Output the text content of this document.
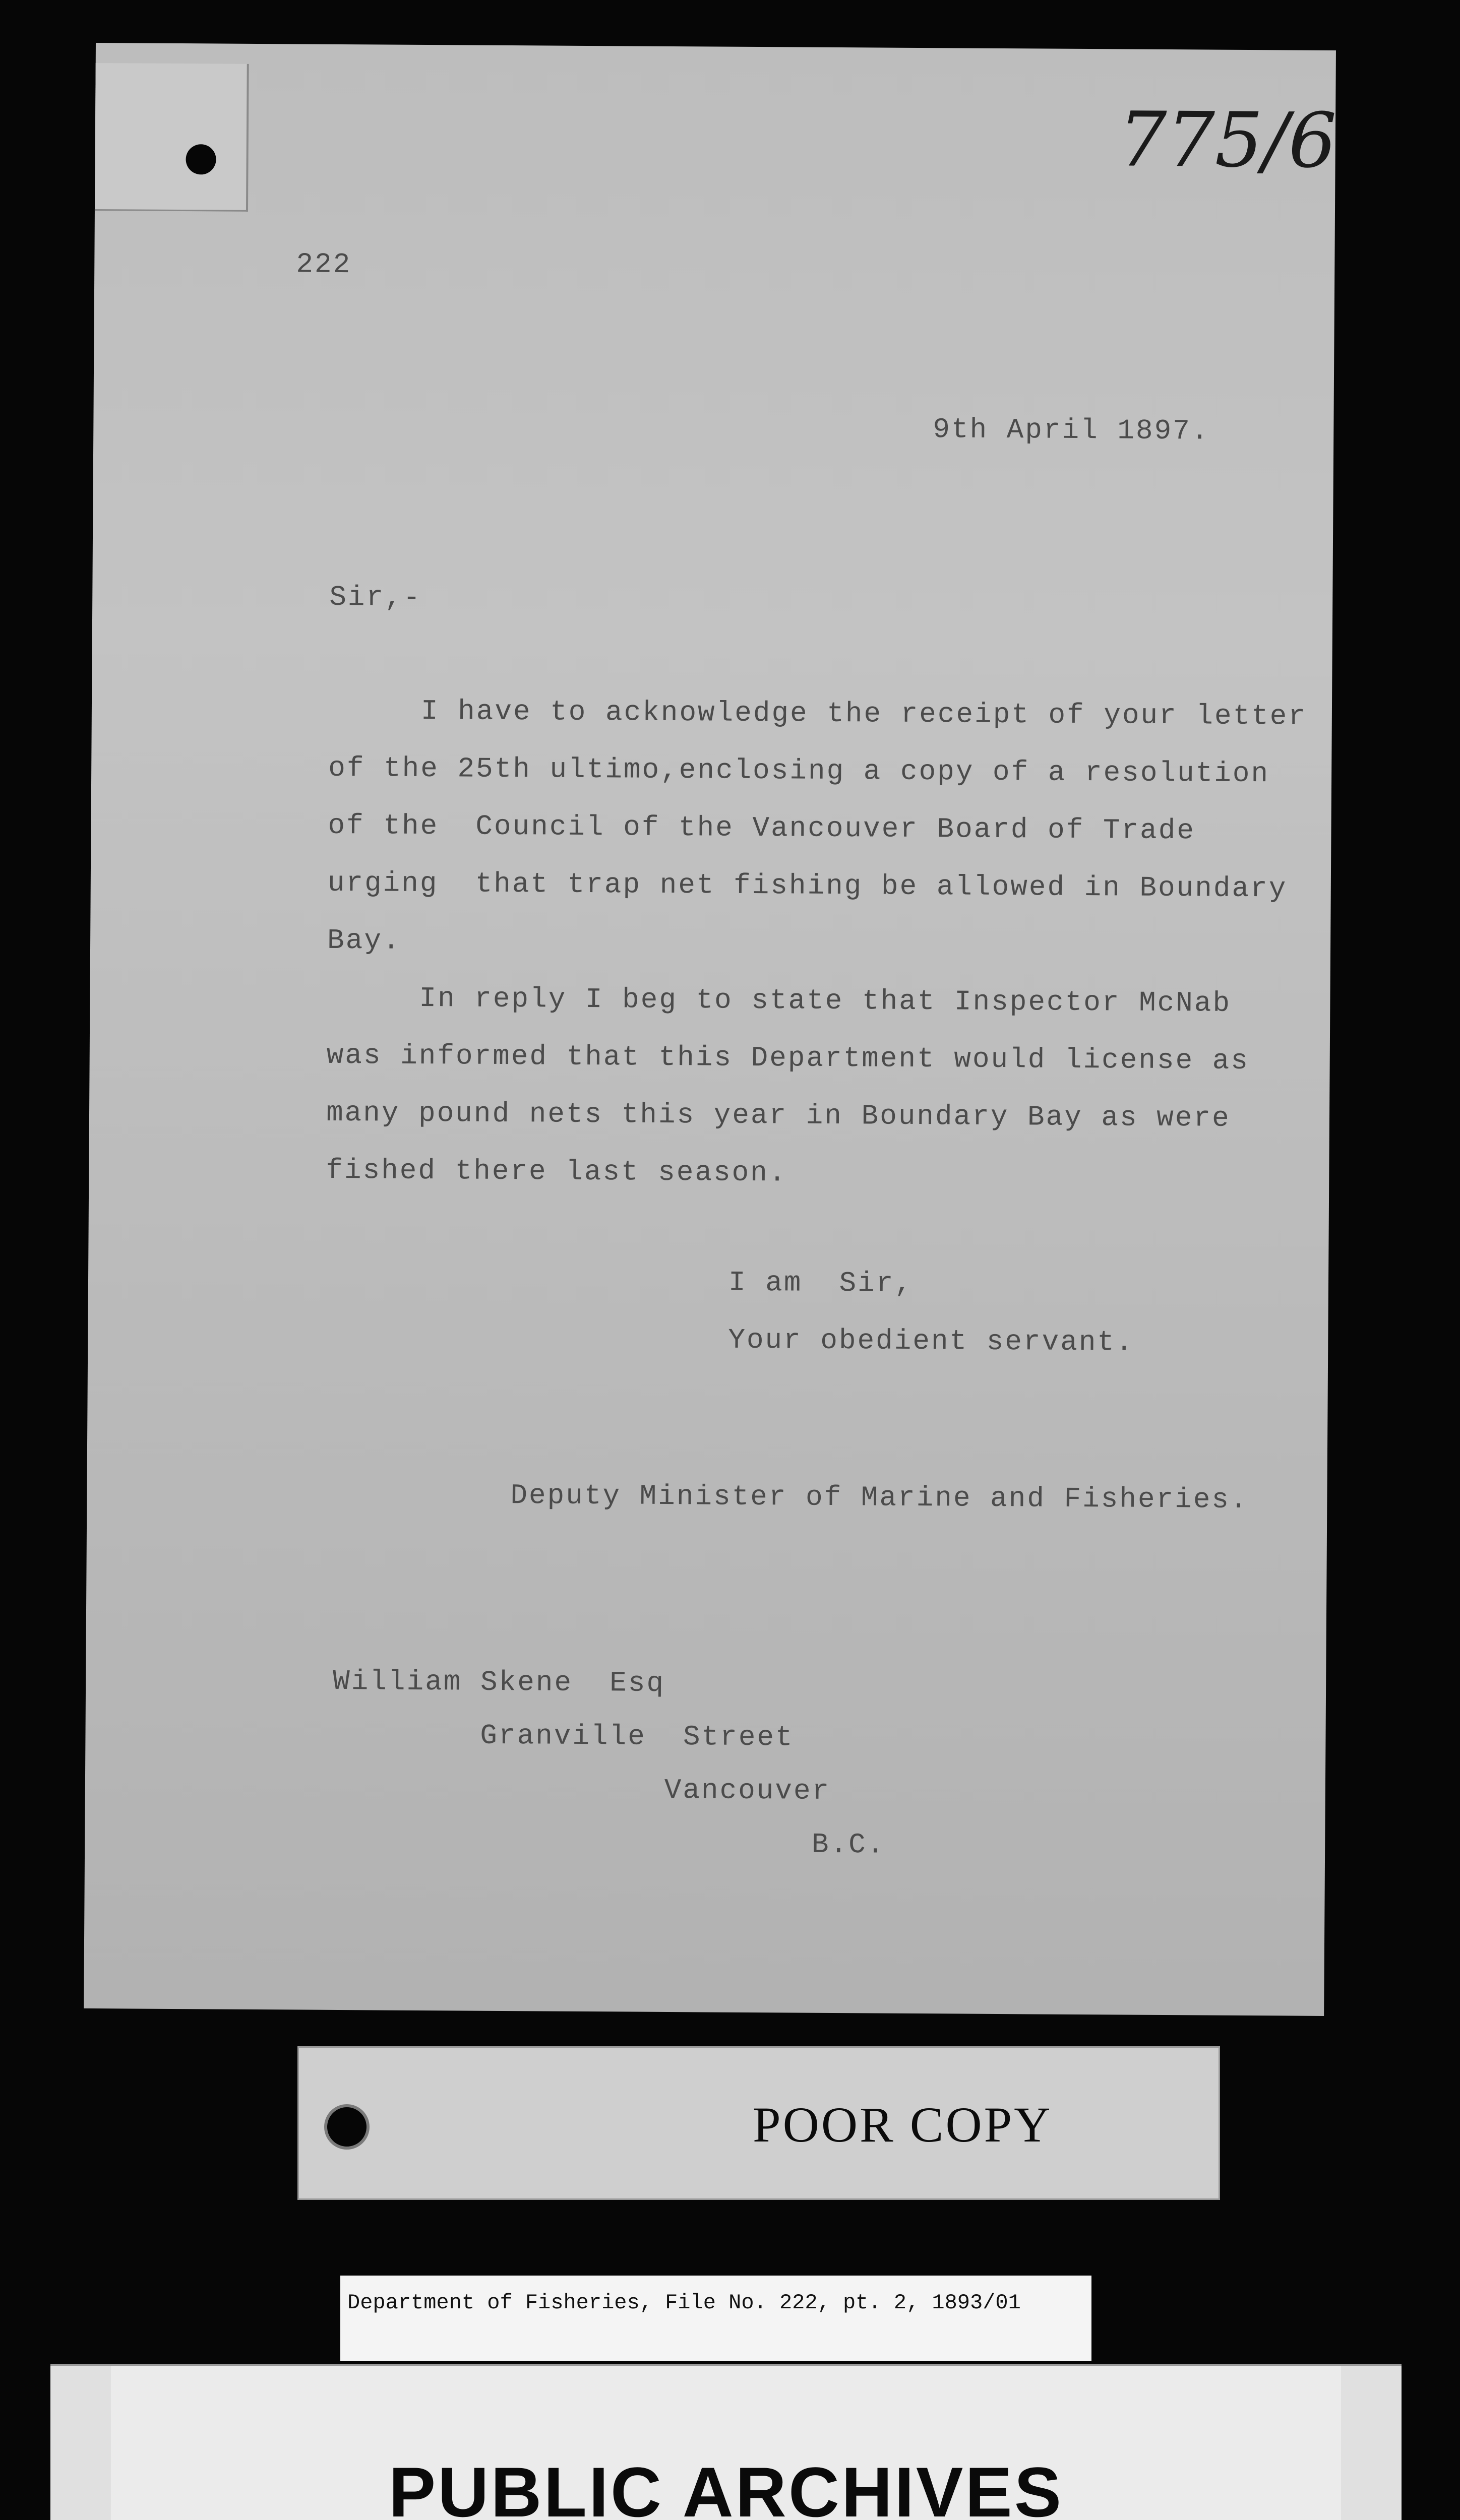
775/6
222
9th April 1897.
Sir,-
I have to acknowledge the receipt of your letter
of the 25th ultimo,enclosing a copy of a resolution
of the  Council of the Vancouver Board of Trade
urging  that trap net fishing be allowed in Boundary
Bay.
In reply I beg to state that Inspector McNab
was informed that this Department would license as
many pound nets this year in Boundary Bay as were
fished there last season.
I am  Sir,
Your obedient servant.
Deputy Minister of Marine and Fisheries.
William Skene  Esq
Granville  Street
Vancouver
B.C.
POOR COPY
Department of Fisheries, File No. 222, pt. 2, 1893/01
PUBLIC ARCHIVES
